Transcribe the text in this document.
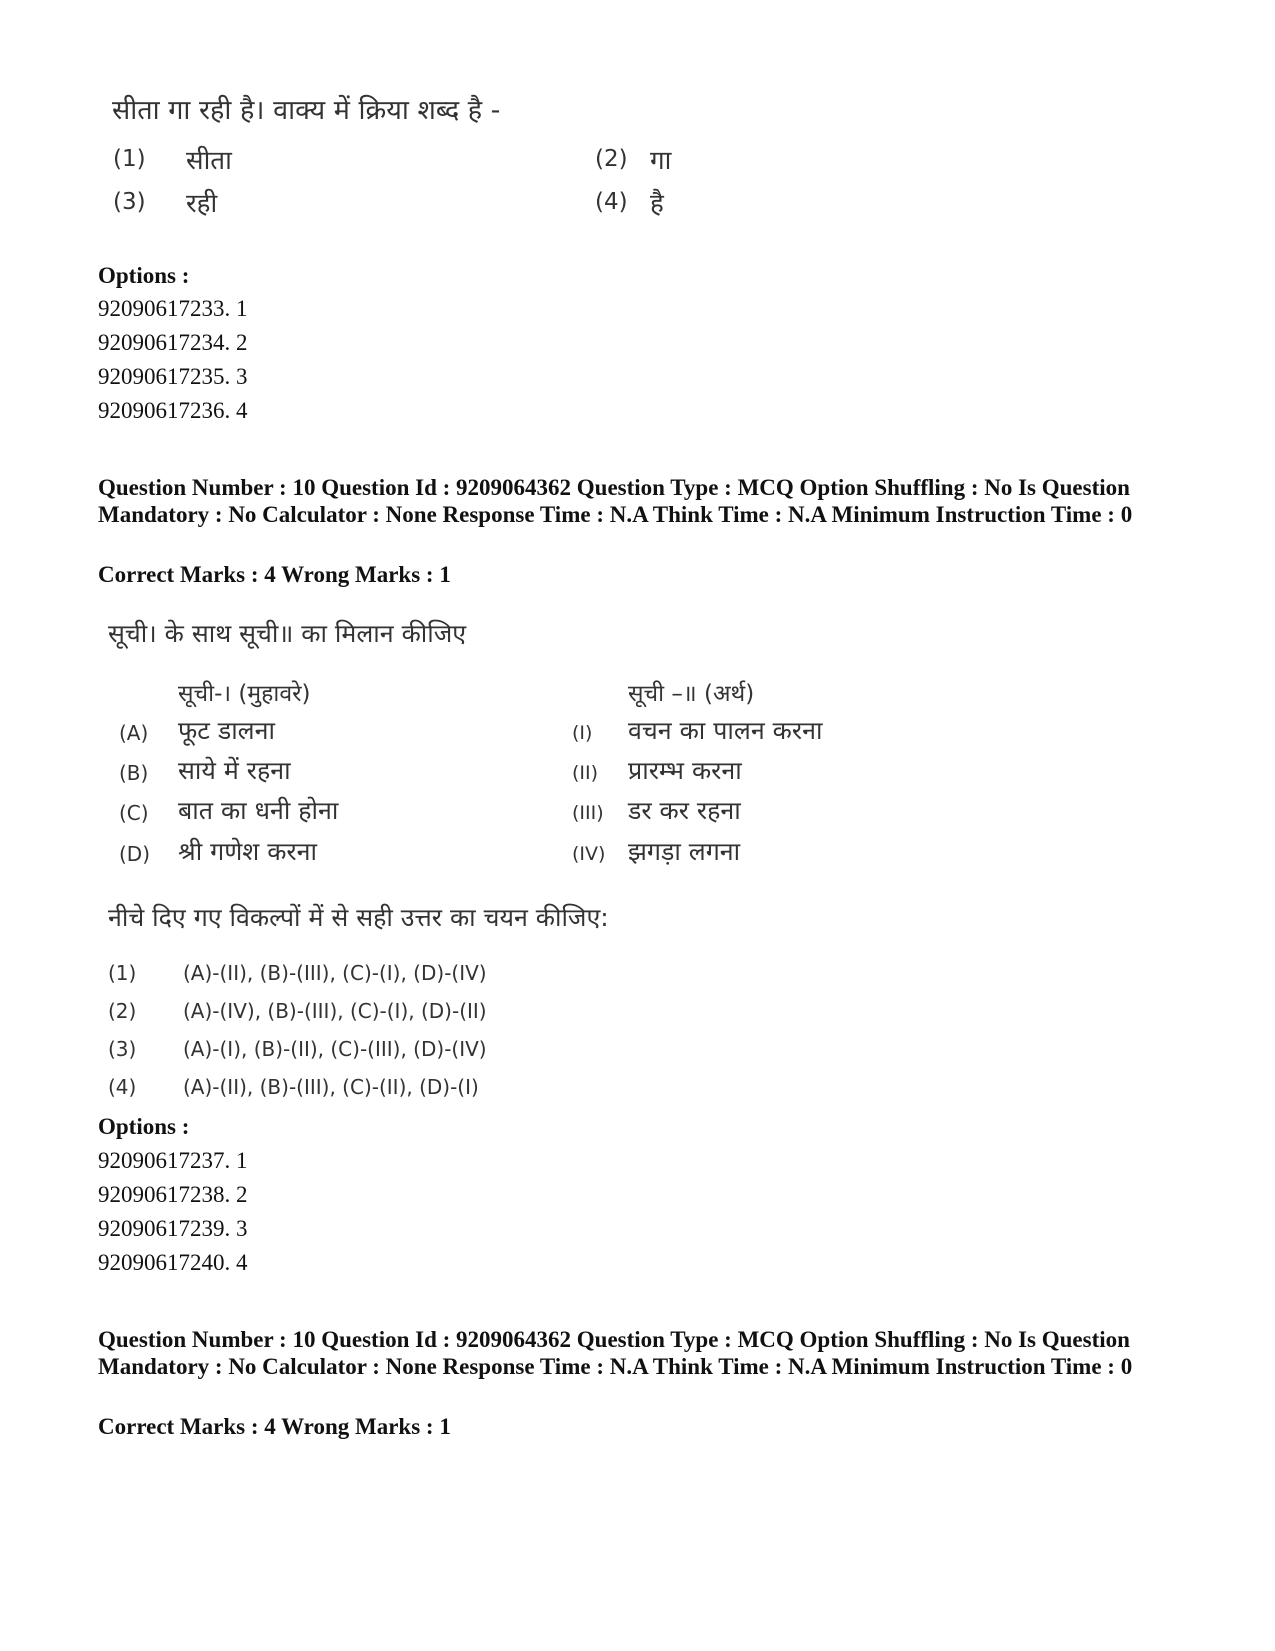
सीता गा रही है। वाक्य में क्रिया शब्द है -
(1) सीता	(2) गा
(3) रही	(4) है
Options :
92090617233. 1
92090617234. 2
92090617235. 3
92090617236. 4
Question Number : 10 Question Id : 9209064362 Question Type : MCQ Option Shuffling : No Is Question Mandatory : No Calculator : None Response Time : N.A Think Time : N.A Minimum Instruction Time : 0
Correct Marks : 4 Wrong Marks : 1
सूची। के साथ सूची॥ का मिलान कीजिए
सूची-। (मुहावरे)	सूची –॥ (अर्थ)
(A) फूट डालना	(I) वचन का पालन करना
(B) साये में रहना	(II) प्रारम्भ करना
(C) बात का धनी होना	(III) डर कर रहना
(D) श्री गणेश करना	(IV) झगड़ा लगना
नीचे दिए गए विकल्पों में से सही उत्तर का चयन कीजिए:
(1) (A)-(II), (B)-(III), (C)-(I), (D)-(IV)
(2) (A)-(IV), (B)-(III), (C)-(I), (D)-(II)
(3) (A)-(I), (B)-(II), (C)-(III), (D)-(IV)
(4) (A)-(II), (B)-(III), (C)-(II), (D)-(I)
Options :
92090617237. 1
92090617238. 2
92090617239. 3
92090617240. 4
Question Number : 10 Question Id : 9209064362 Question Type : MCQ Option Shuffling : No Is Question Mandatory : No Calculator : None Response Time : N.A Think Time : N.A Minimum Instruction Time : 0
Correct Marks : 4 Wrong Marks : 1
